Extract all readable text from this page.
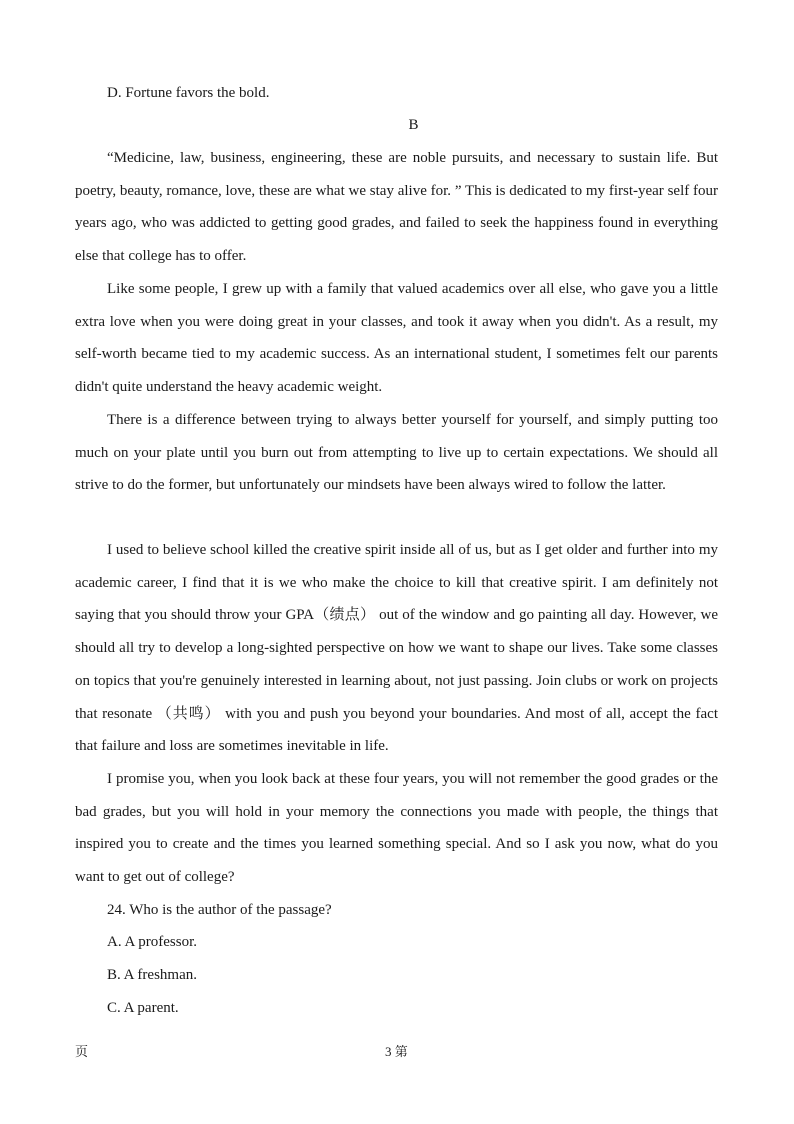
D. Fortune favors the bold.
B

“Medicine, law, business, engineering, these are noble pursuits, and necessary to sustain life. But poetry, beauty, romance, love, these are what we stay alive for. ” This is dedicated to my first-year self four years ago, who was addicted to getting good grades, and failed to seek the happiness found in everything else that college has to offer.

Like some people, I grew up with a family that valued academics over all else, who gave you a little extra love when you were doing great in your classes, and took it away when you didn't. As a result, my self-worth became tied to my academic success. As an international student, I sometimes felt our parents didn't quite understand the heavy academic weight.

There is a difference between trying to always better yourself for yourself, and simply putting too much on your plate until you burn out from attempting to live up to certain expectations. We should all strive to do the former, but unfortunately our mindsets have been always wired to follow the latter.

I used to believe school killed the creative spirit inside all of us, but as I get older and further into my academic career, I find that it is we who make the choice to kill that creative spirit. I am definitely not saying that you should throw your GPA（绩点） out of the window and go painting all day. However, we should all try to develop a long-sighted perspective on how we want to shape our lives. Take some classes on topics that you're genuinely interested in learning about, not just passing. Join clubs or work on projects that resonate （共鸣） with you and push you beyond your boundaries. And most of all, accept the fact that failure and loss are sometimes inevitable in life.

I promise you, when you look back at these four years, you will not remember the good grades or the bad grades, but you will hold in your memory the connections you made with people, the things that inspired you to create and the times you learned something special. And so I ask you now, what do you want to get out of college?

24. Who is the author of the passage?
A. A professor.
B. A freshman.
C. A parent.
页	3 第
